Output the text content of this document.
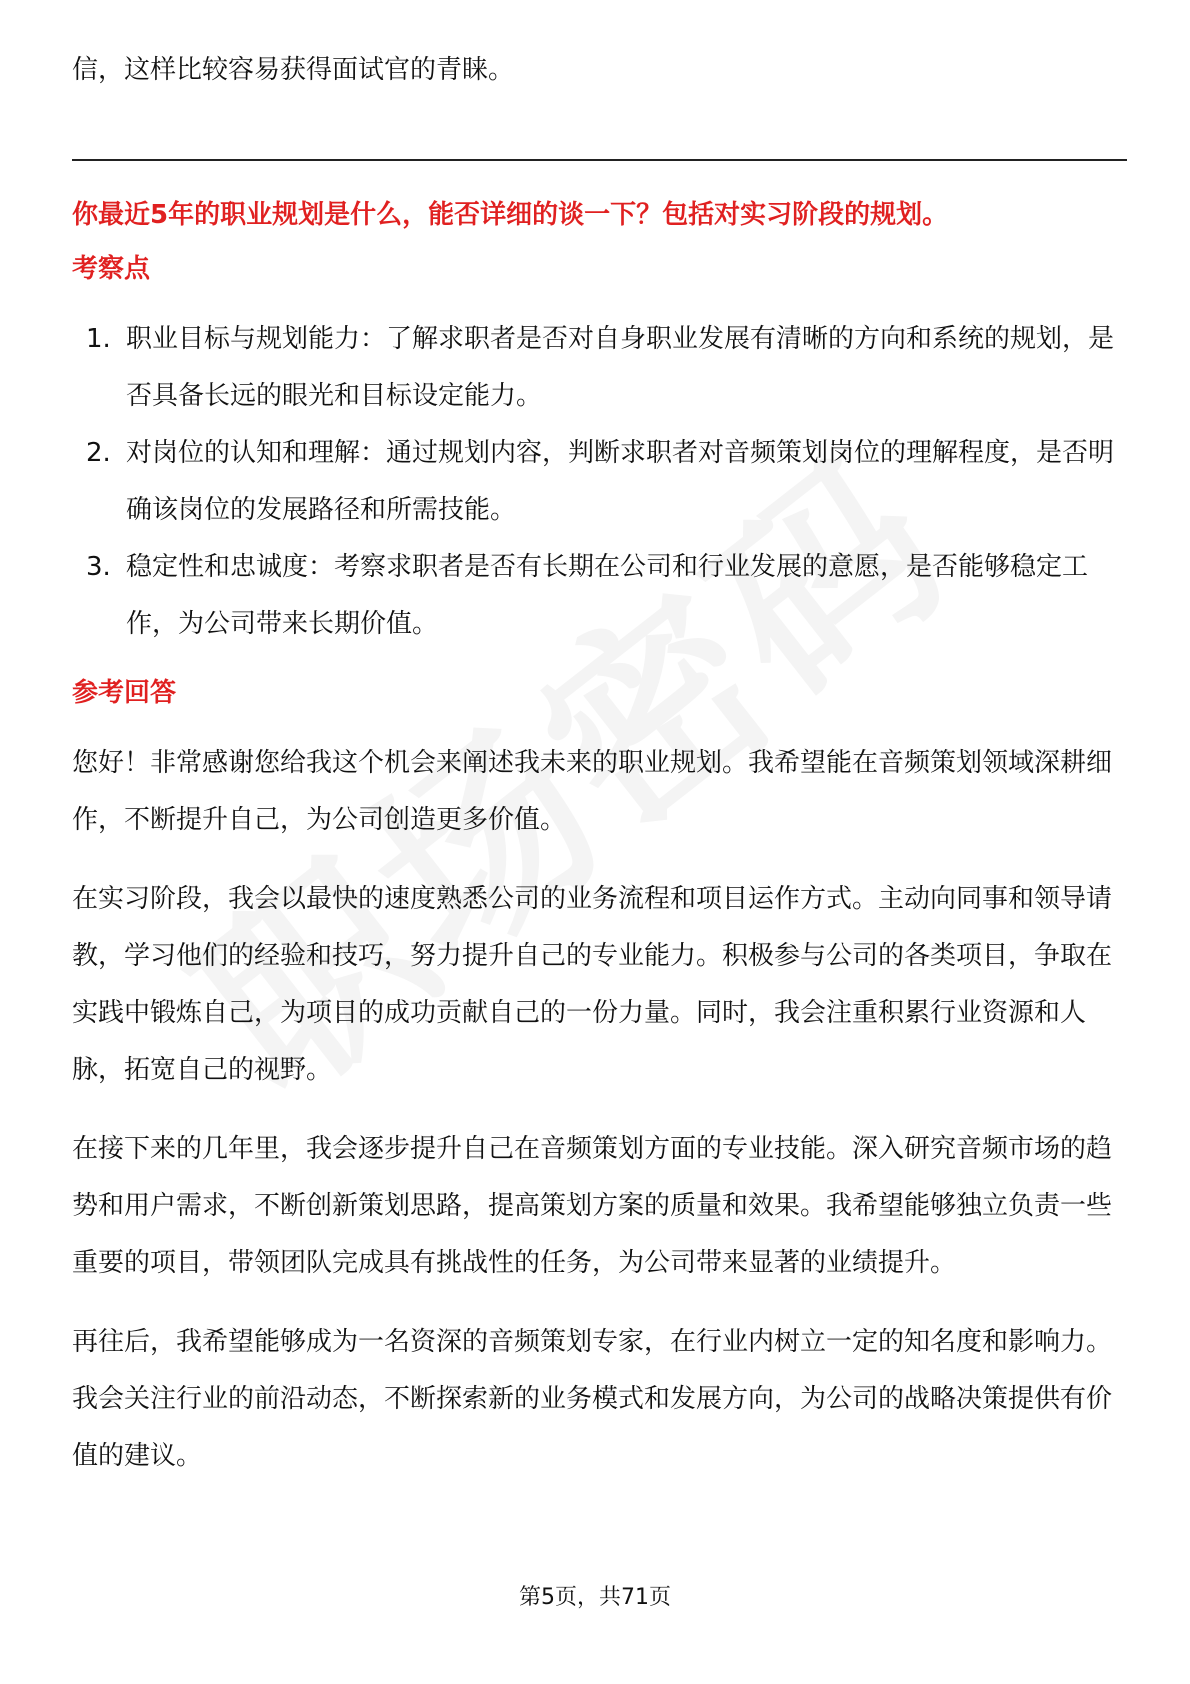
信，这样比较容易获得面试官的青睐。

你最近5年的职业规划是什么，能否详细的谈一下？包括对实习阶段的规划。

考察点

1. 职业目标与规划能力：了解求职者是否对自身职业发展有清晰的方向和系统的规划，是否具备长远的眼光和目标设定能力。
2. 对岗位的认知和理解：通过规划内容，判断求职者对音频策划岗位的理解程度，是否明确该岗位的发展路径和所需技能。
3. 稳定性和忠诚度：考察求职者是否有长期在公司和行业发展的意愿，是否能够稳定工作，为公司带来长期价值。

参考回答

您好！非常感谢您给我这个机会来阐述我未来的职业规划。我希望能在音频策划领域深耕细作，不断提升自己，为公司创造更多价值。

在实习阶段，我会以最快的速度熟悉公司的业务流程和项目运作方式。主动向同事和领导请教，学习他们的经验和技巧，努力提升自己的专业能力。积极参与公司的各类项目，争取在实践中锻炼自己，为项目的成功贡献自己的一份力量。同时，我会注重积累行业资源和人脉，拓宽自己的视野。

在接下来的几年里，我会逐步提升自己在音频策划方面的专业技能。深入研究音频市场的趋势和用户需求，不断创新策划思路，提高策划方案的质量和效果。我希望能够独立负责一些重要的项目，带领团队完成具有挑战性的任务，为公司带来显著的业绩提升。

再往后，我希望能够成为一名资深的音频策划专家，在行业内树立一定的知名度和影响力。我会关注行业的前沿动态，不断探索新的业务模式和发展方向，为公司的战略决策提供有价值的建议。

第5页，共71页
